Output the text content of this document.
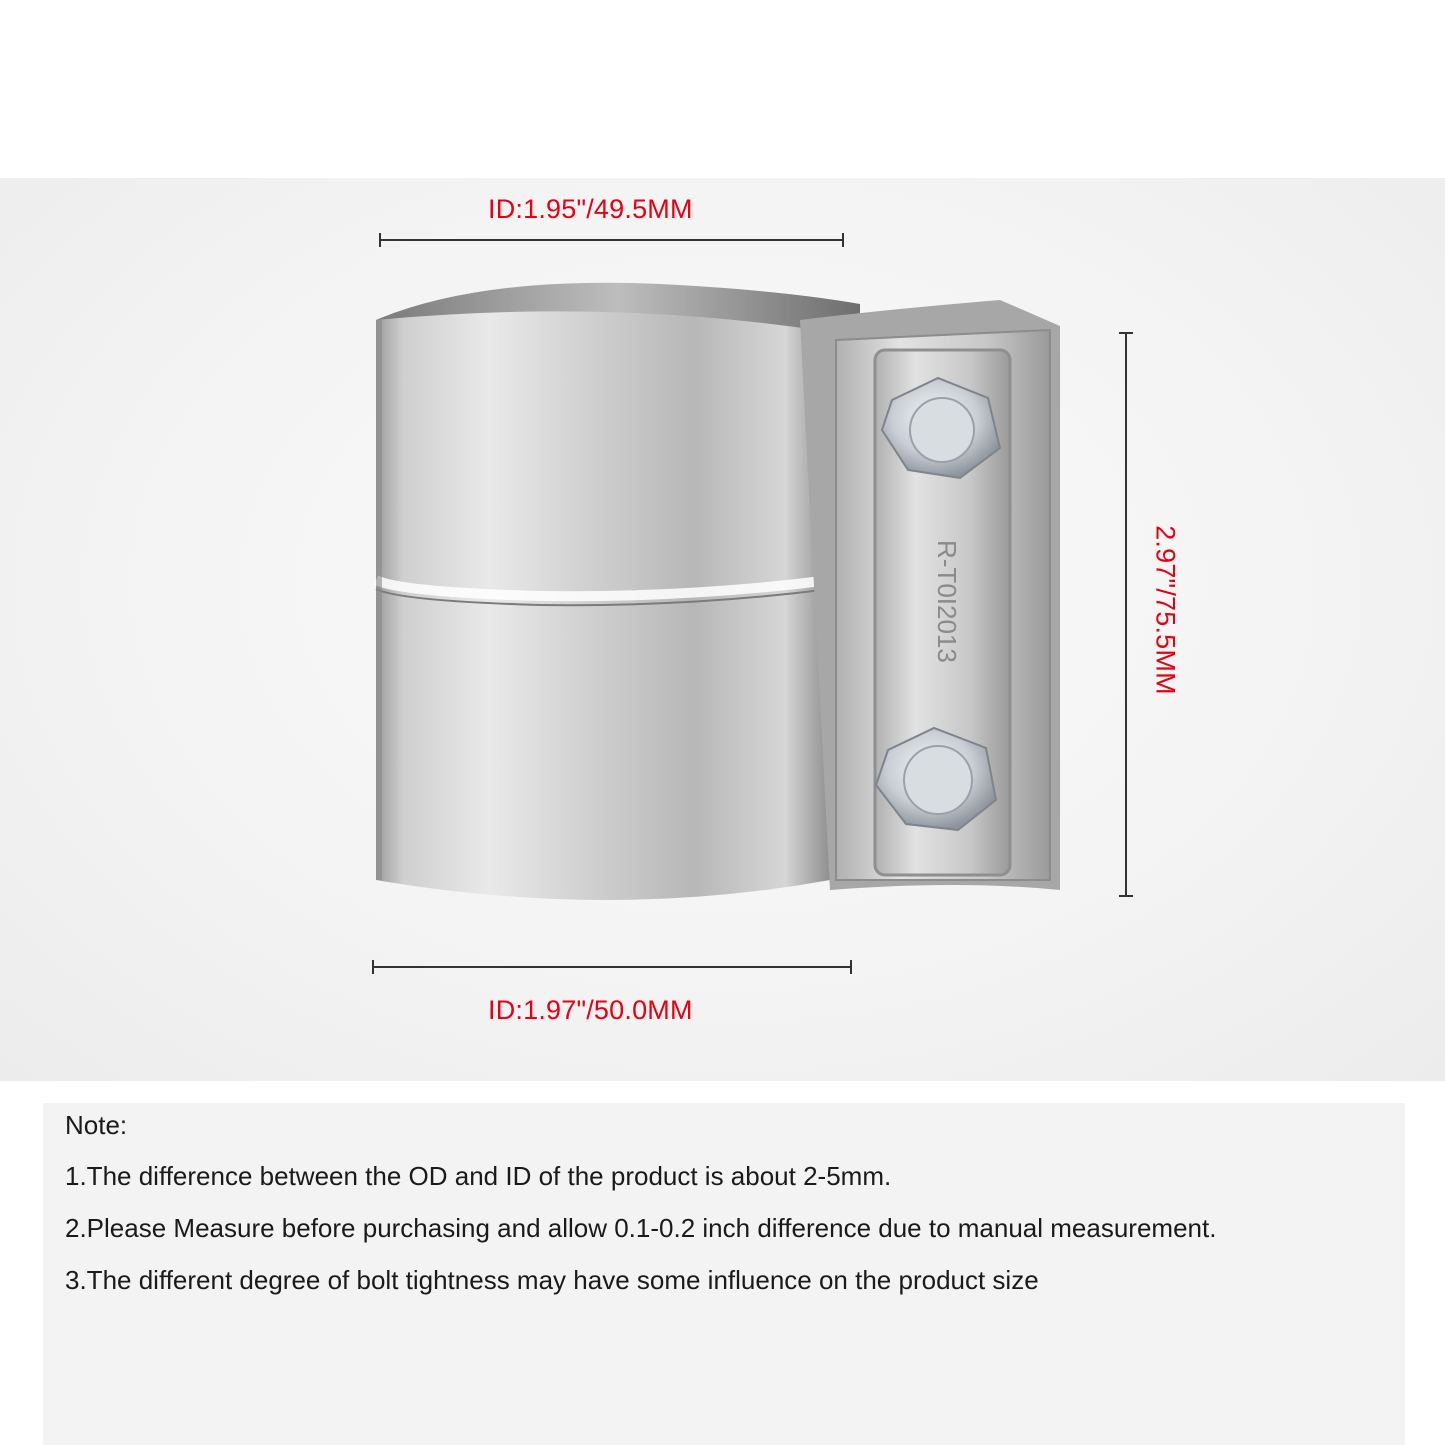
ID:1.95"/49.5MM
ID:1.97"/50.0MM
2.97"/75.5MM
R-T0I2013
Note:
1.The difference between the OD and ID of the product is about 2-5mm.
2.Please Measure before purchasing and allow 0.1-0.2 inch difference due to manual measurement.
3.The different degree of bolt tightness may have some influence on the product size
